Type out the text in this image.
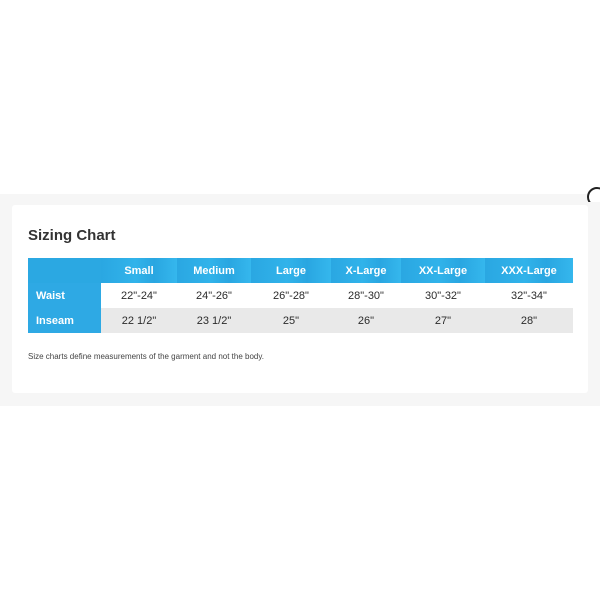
Sizing Chart
	Small	Medium	Large	X-Large	XX-Large	XXX-Large
Waist	22"-24"	24"-26"	26"-28"	28"-30"	30"-32"	32"-34"
Inseam	22 1/2"	23 1/2"	25"	26"	27"	28"

Size charts define measurements of the garment and not the body.
